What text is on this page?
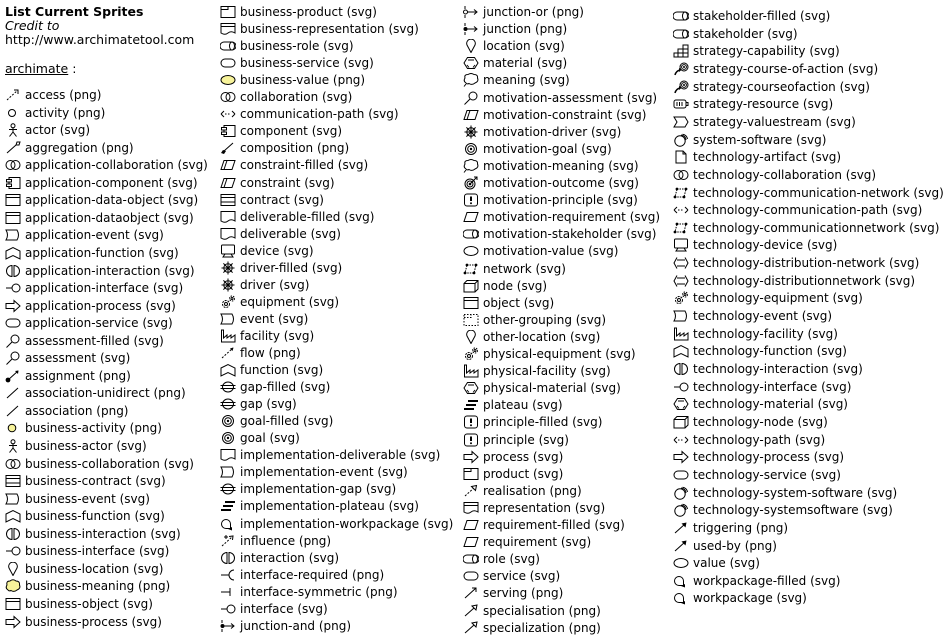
List Current Sprites
Credit to
http://www.archimatetool.com
archimate :
access (png)
activity (png)
actor (svg)
aggregation (png)
application-collaboration (svg)
application-component (svg)
application-data-object (svg)
application-dataobject (svg)
application-event (svg)
application-function (svg)
application-interaction (svg)
application-interface (svg)
application-process (svg)
application-service (svg)
assessment-filled (svg)
assessment (svg)
assignment (png)
association-unidirect (png)
association (png)
business-activity (png)
business-actor (svg)
business-collaboration (svg)
business-contract (svg)
business-event (svg)
business-function (svg)
business-interaction (svg)
business-interface (svg)
business-location (svg)
business-meaning (png)
business-object (svg)
business-process (svg)
business-product (svg)
business-representation (svg)
business-role (svg)
business-service (svg)
business-value (png)
collaboration (svg)
communication-path (svg)
component (svg)
composition (png)
constraint-filled (svg)
constraint (svg)
contract (svg)
deliverable-filled (svg)
deliverable (svg)
device (svg)
driver-filled (svg)
driver (svg)
equipment (svg)
event (svg)
facility (svg)
flow (png)
function (svg)
gap-filled (svg)
gap (svg)
goal-filled (svg)
goal (svg)
implementation-deliverable (svg)
implementation-event (svg)
implementation-gap (svg)
implementation-plateau (svg)
implementation-workpackage (svg)
influence (png)
interaction (svg)
interface-required (png)
interface-symmetric (png)
interface (svg)
junction-and (png)
junction-or (png)
junction (png)
location (svg)
material (svg)
meaning (svg)
motivation-assessment (svg)
motivation-constraint (svg)
motivation-driver (svg)
motivation-goal (svg)
motivation-meaning (svg)
motivation-outcome (svg)
motivation-principle (svg)
motivation-requirement (svg)
motivation-stakeholder (svg)
motivation-value (svg)
network (svg)
node (svg)
object (svg)
other-grouping (svg)
other-location (svg)
physical-equipment (svg)
physical-facility (svg)
physical-material (svg)
plateau (svg)
principle-filled (svg)
principle (svg)
process (svg)
product (svg)
realisation (png)
representation (svg)
requirement-filled (svg)
requirement (svg)
role (svg)
service (svg)
serving (png)
specialisation (png)
specialization (png)
stakeholder-filled (svg)
stakeholder (svg)
strategy-capability (svg)
strategy-course-of-action (svg)
strategy-courseofaction (svg)
strategy-resource (svg)
strategy-valuestream (svg)
system-software (svg)
technology-artifact (svg)
technology-collaboration (svg)
technology-communication-network (svg)
technology-communication-path (svg)
technology-communicationnetwork (svg)
technology-device (svg)
technology-distribution-network (svg)
technology-distributionnetwork (svg)
technology-equipment (svg)
technology-event (svg)
technology-facility (svg)
technology-function (svg)
technology-interaction (svg)
technology-interface (svg)
technology-material (svg)
technology-node (svg)
technology-path (svg)
technology-process (svg)
technology-service (svg)
technology-system-software (svg)
technology-systemsoftware (svg)
triggering (png)
used-by (png)
value (svg)
workpackage-filled (svg)
workpackage (svg)
